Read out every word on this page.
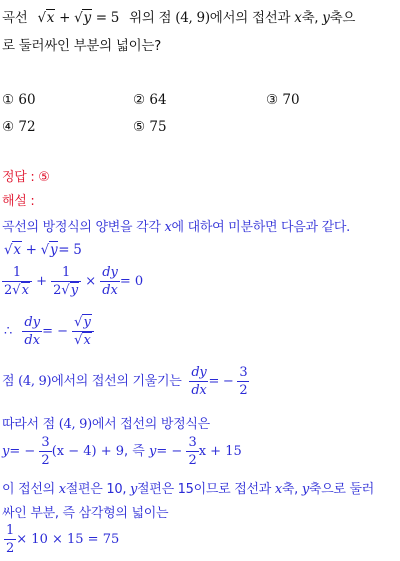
곡선 √x + √y = 5 위의 점 (4, 9)에서의 접선과 x축, y축으
로 둘러싸인 부분의 넓이는?
① 60	② 64	③ 70
④ 72	⑤ 75
정답 : ⑤
해설 :
곡선의 방정식의 양변을 각각 x에 대하여 미분하면 다음과 같다.
√x + √y= 5
$\frac{1}{2√x} + \frac{1}{2√y} \times \frac{dy}{dx} = 0$
∴ $\frac{dy}{dx}$ = − $\frac{√y}{√x}$
점 (4, 9)에서의 접선의 기울기는 $\frac{dy}{dx}$ = − $\frac{3}{2}$
따라서 점 (4, 9)에서 접선의 방정식은
$y= - \frac{3}{2} (x - 4) + 9$, 즉 $y= - \frac{3}{2}$ x + 15
이 접선의 x절편은 10, y절편은 15이므로 접선과 x축, y축으로 둘러
싸인 부분, 즉 삼각형의 넓이는
$\frac{1}{2} \times 10 \times 15 = 75$
